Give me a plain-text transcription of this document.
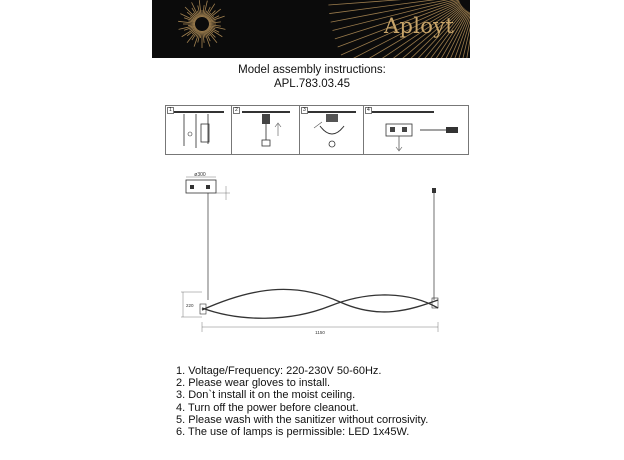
Aployt
Model assembly instructions:
APL.783.03.45
1	2	3	4
ø300
220
1150
1. Voltage/Frequency: 220-230V 50-60Hz.
2. Please wear gloves to install.
3. Don`t install it on the moist ceiling.
4. Turn off the power before cleanout.
5. Please wash with the sanitizer without corrosivity.
6. The use of lamps is permissible: LED 1x45W.
